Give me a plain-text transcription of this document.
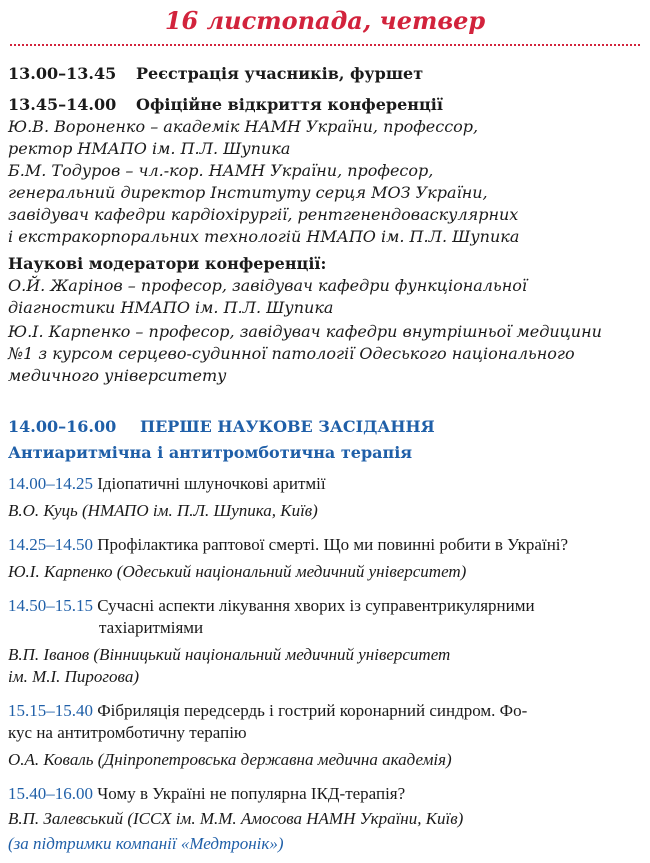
16 листопада, четвер
13.00–13.45 Реєстрація учасників, фуршет
13.45–14.00 Офіційне відкриття конференції
Ю.В. Вороненко – академік НАМН України, профессор,
ректор НМАПО ім. П.Л. Шупика
Б.М. Тодуров – чл.-кор. НАМН України, професор,
генеральний директор Інституту серця МОЗ України,
завідувач кафедри кардіохірургії, рентгенендоваскулярних
і екстракорпоральних технологій НМАПО ім. П.Л. Шупика
Наукові модератори конференції:
О.Й. Жарінов – професор, завідувач кафедри функціональної
діагностики НМАПО ім. П.Л. Шупика
Ю.І. Карпенко – професор, завідувач кафедри внутрішньої медицини
№1 з курсом серцево-судинної патології Одеського національного
медичного університету
14.00–16.00 ПЕРШЕ НАУКОВЕ ЗАСІДАННЯ
Антиаритмічна і антитромботична терапія
14.00–14.25 Ідіопатичні шлуночкові аритмії
В.О. Куць (НМАПО ім. П.Л. Шупика, Київ)
14.25–14.50 Профілактика раптової смерті. Що ми повинні робити в Україні?
Ю.І. Карпенко (Одеський національний медичний університет)
14.50–15.15 Сучасні аспекти лікування хворих із суправентрикулярними
тахіаритміями
В.П. Іванов (Вінницький національний медичний університет
ім. М.І. Пирогова)
15.15–15.40 Фібриляція передсердь і гострий коронарний синдром. Фо-
кус на антитромботичну терапію
О.А. Коваль (Дніпропетровська державна медична академія)
15.40–16.00 Чому в Україні не популярна ІКД-терапія?
В.П. Залевський (ІССХ ім. М.М. Амосова НАМН України, Київ)
(за підтримки компанії «Медтронік»)
